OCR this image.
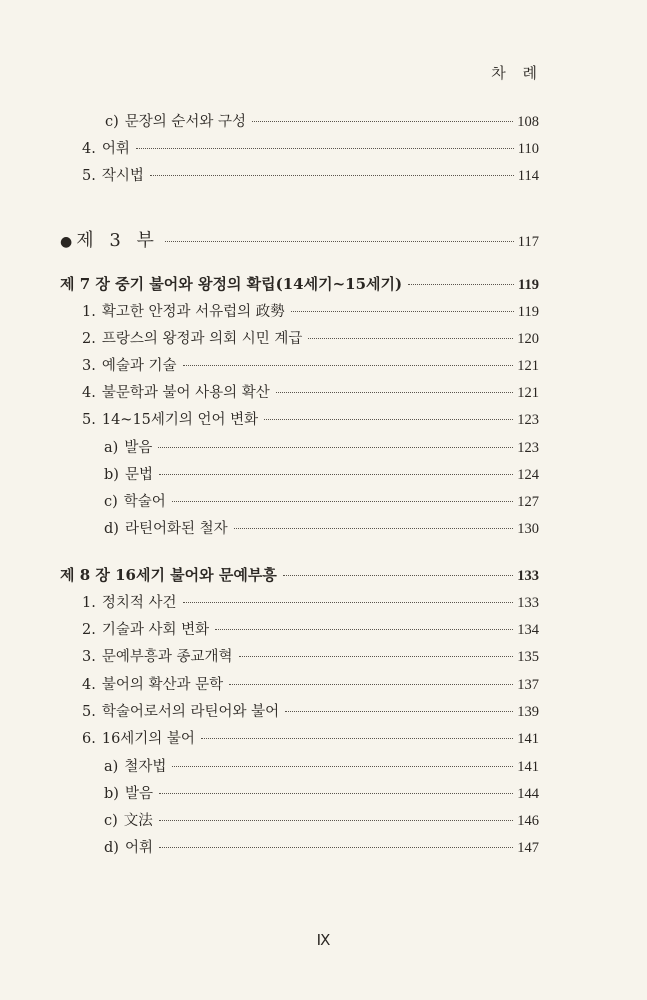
차 례
c) 문장의 순서와 구성	108
4. 어휘	110
5. 작시법	114
● 제 3 부	117
제 7 장 중기 불어와 왕정의 확립(14세기~15세기)	119
1. 확고한 안정과 서유럽의 政勢	119
2. 프랑스의 왕정과 의회 시민 계급	120
3. 예술과 기술	121
4. 불문학과 불어 사용의 확산	121
5. 14~15세기의 언어 변화	123
a) 발음	123
b) 문법	124
c) 학술어	127
d) 라틴어화된 철자	130
제 8 장 16세기 불어와 문예부흥	133
1. 정치적 사건	133
2. 기술과 사회 변화	134
3. 문예부흥과 종교개혁	135
4. 불어의 확산과 문학	137
5. 학술어로서의 라틴어와 불어	139
6. 16세기의 불어	141
a) 철자법	141
b) 발음	144
c) 文法	146
d) 어휘	147
Ⅸ
